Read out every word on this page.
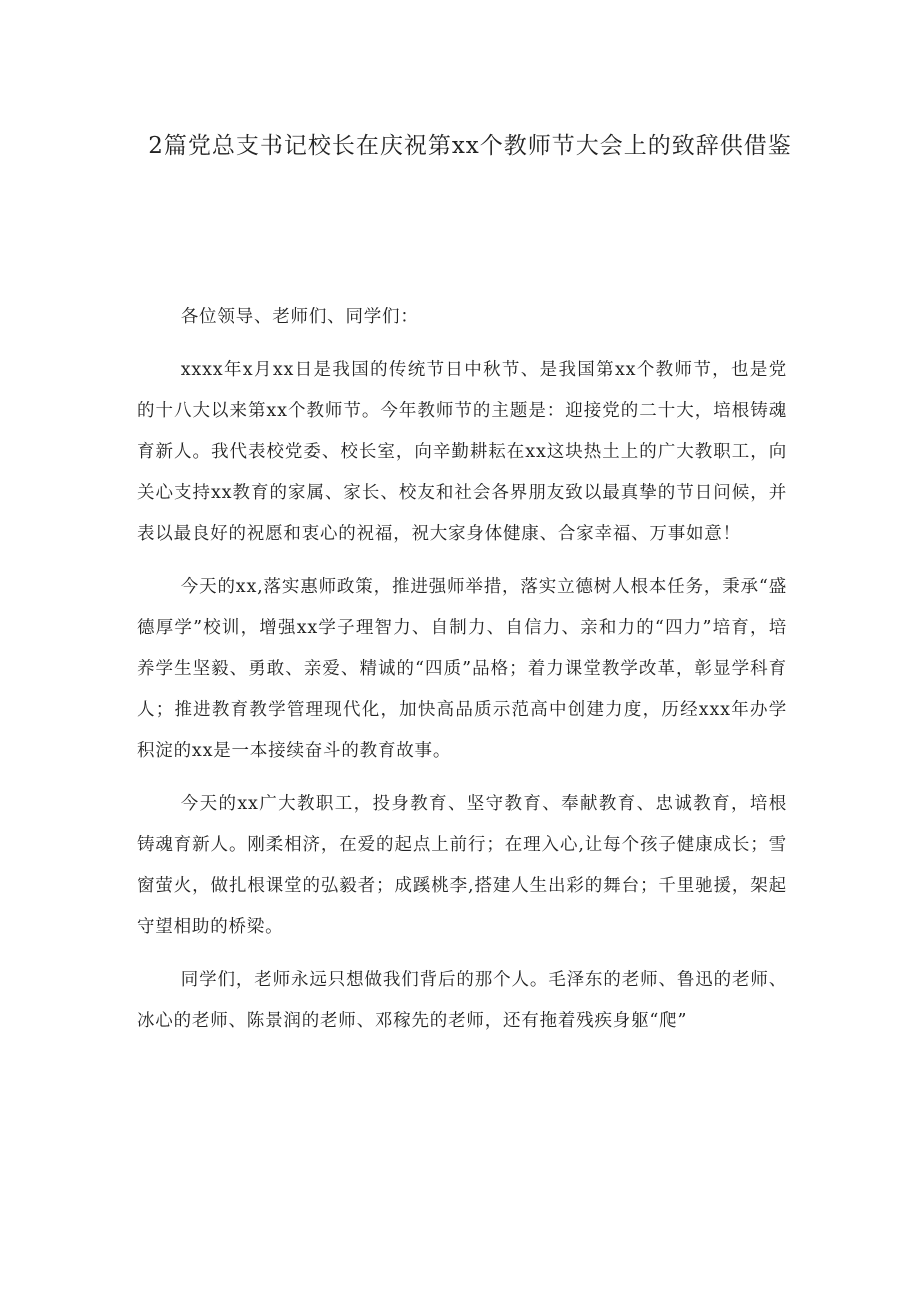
2篇党总支书记校长在庆祝第xx个教师节大会上的致辞供借鉴

各位领导、老师们、同学们：

xxxx年x月xx日是我国的传统节日中秋节、是我国第xx个教师节，也是党的十八大以来第xx个教师节。今年教师节的主题是：迎接党的二十大，培根铸魂育新人。我代表校党委、校长室，向辛勤耕耘在xx这块热土上的广大教职工，向关心支持xx教育的家属、家长、校友和社会各界朋友致以最真挚的节日问候，并表以最良好的祝愿和衷心的祝福，祝大家身体健康、合家幸福、万事如意！

今天的xx,落实惠师政策，推进强师举措，落实立德树人根本任务，秉承“盛德厚学”校训，增强xx学子理智力、自制力、自信力、亲和力的“四力”培育，培养学生坚毅、勇敢、亲爱、精诚的“四质”品格；着力课堂教学改革，彰显学科育人；推进教育教学管理现代化，加快高品质示范高中创建力度，历经xxx年办学积淀的xx是一本接续奋斗的教育故事。

今天的xx广大教职工，投身教育、坚守教育、奉献教育、忠诚教育，培根铸魂育新人。刚柔相济，在爱的起点上前行；在理入心,让每个孩子健康成长；雪窗萤火，做扎根课堂的弘毅者；成蹊桃李,搭建人生出彩的舞台；千里驰援，架起守望相助的桥梁。

同学们，老师永远只想做我们背后的那个人。毛泽东的老师、鲁迅的老师、冰心的老师、陈景润的老师、邓稼先的老师，还有拖着残疾身躯“爬”
